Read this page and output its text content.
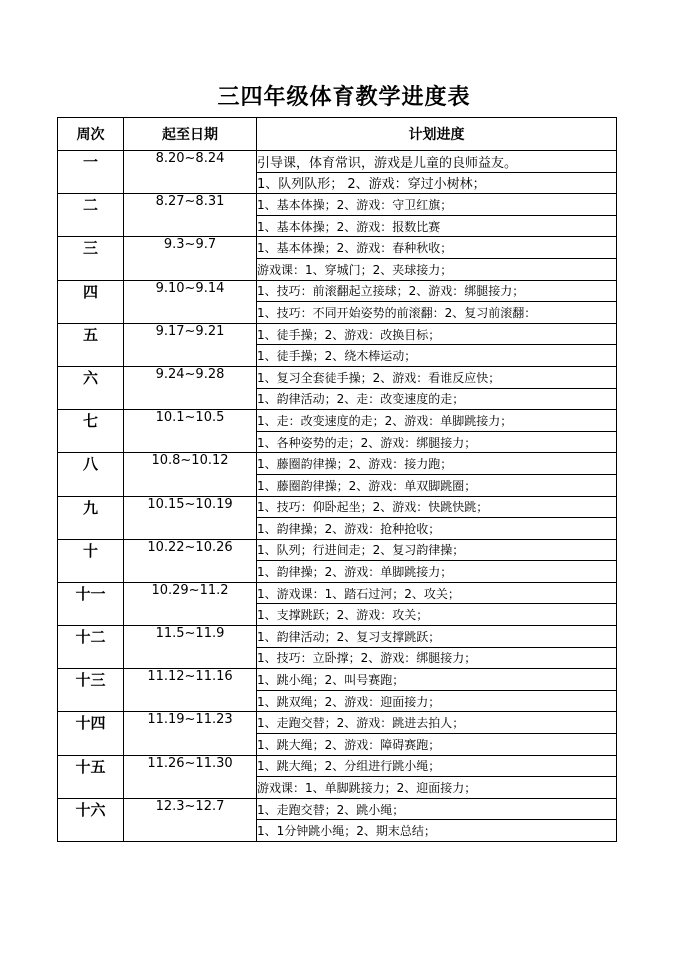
三四年级体育教学进度表
周次	起至日期	计划进度
一	8.20~8.24	引导课，体育常识，游戏是儿童的良师益友。
		1、队列队形； 2、游戏：穿过小树林；
二	8.27~8.31	1、基本体操；2、游戏：守卫红旗；
		1、基本体操；2、游戏：报数比赛
三	9.3~9.7	1、基本体操；2、游戏：春种秋收；
		游戏课：1、穿城门；2、夹球接力；
四	9.10~9.14	1、技巧：前滚翻起立接球；2、游戏：绑腿接力；
		1、技巧：不同开始姿势的前滚翻：2、复习前滚翻：
五	9.17~9.21	1、徒手操；2、游戏：改换目标；
		1、徒手操；2、绕木棒运动；
六	9.24~9.28	1、复习全套徒手操；2、游戏：看谁反应快；
		1、韵律活动；2、走：改变速度的走；
七	10.1~10.5	1、走：改变速度的走；2、游戏：单脚跳接力；
		1、各种姿势的走；2、游戏：绑腿接力；
八	10.8~10.12	1、藤圈韵律操；2、游戏：接力跑；
		1、藤圈韵律操；2、游戏：单双脚跳圈；
九	10.15~10.19	1、技巧：仰卧起坐；2、游戏：快跳快跳；
		1、韵律操；2、游戏：抢种抢收；
十	10.22~10.26	1、队列；行进间走；2、复习韵律操；
		1、韵律操；2、游戏：单脚跳接力；
十一	10.29~11.2	1、游戏课：1、踏石过河；2、攻关；
		1、支撑跳跃；2、游戏：攻关；
十二	11.5~11.9	1、韵律活动；2、复习支撑跳跃；
		1、技巧：立卧撑；2、游戏：绑腿接力；
十三	11.12~11.16	1、跳小绳；2、叫号赛跑；
		1、跳双绳；2、游戏：迎面接力；
十四	11.19~11.23	1、走跑交替；2、游戏：跳进去拍人；
		1、跳大绳；2、游戏：障碍赛跑；
十五	11.26~11.30	1、跳大绳；2、分组进行跳小绳；
		游戏课：1、单脚跳接力；2、迎面接力；
十六	12.3~12.7	1、走跑交替；2、跳小绳；
		1、1分钟跳小绳；2、期末总结；
